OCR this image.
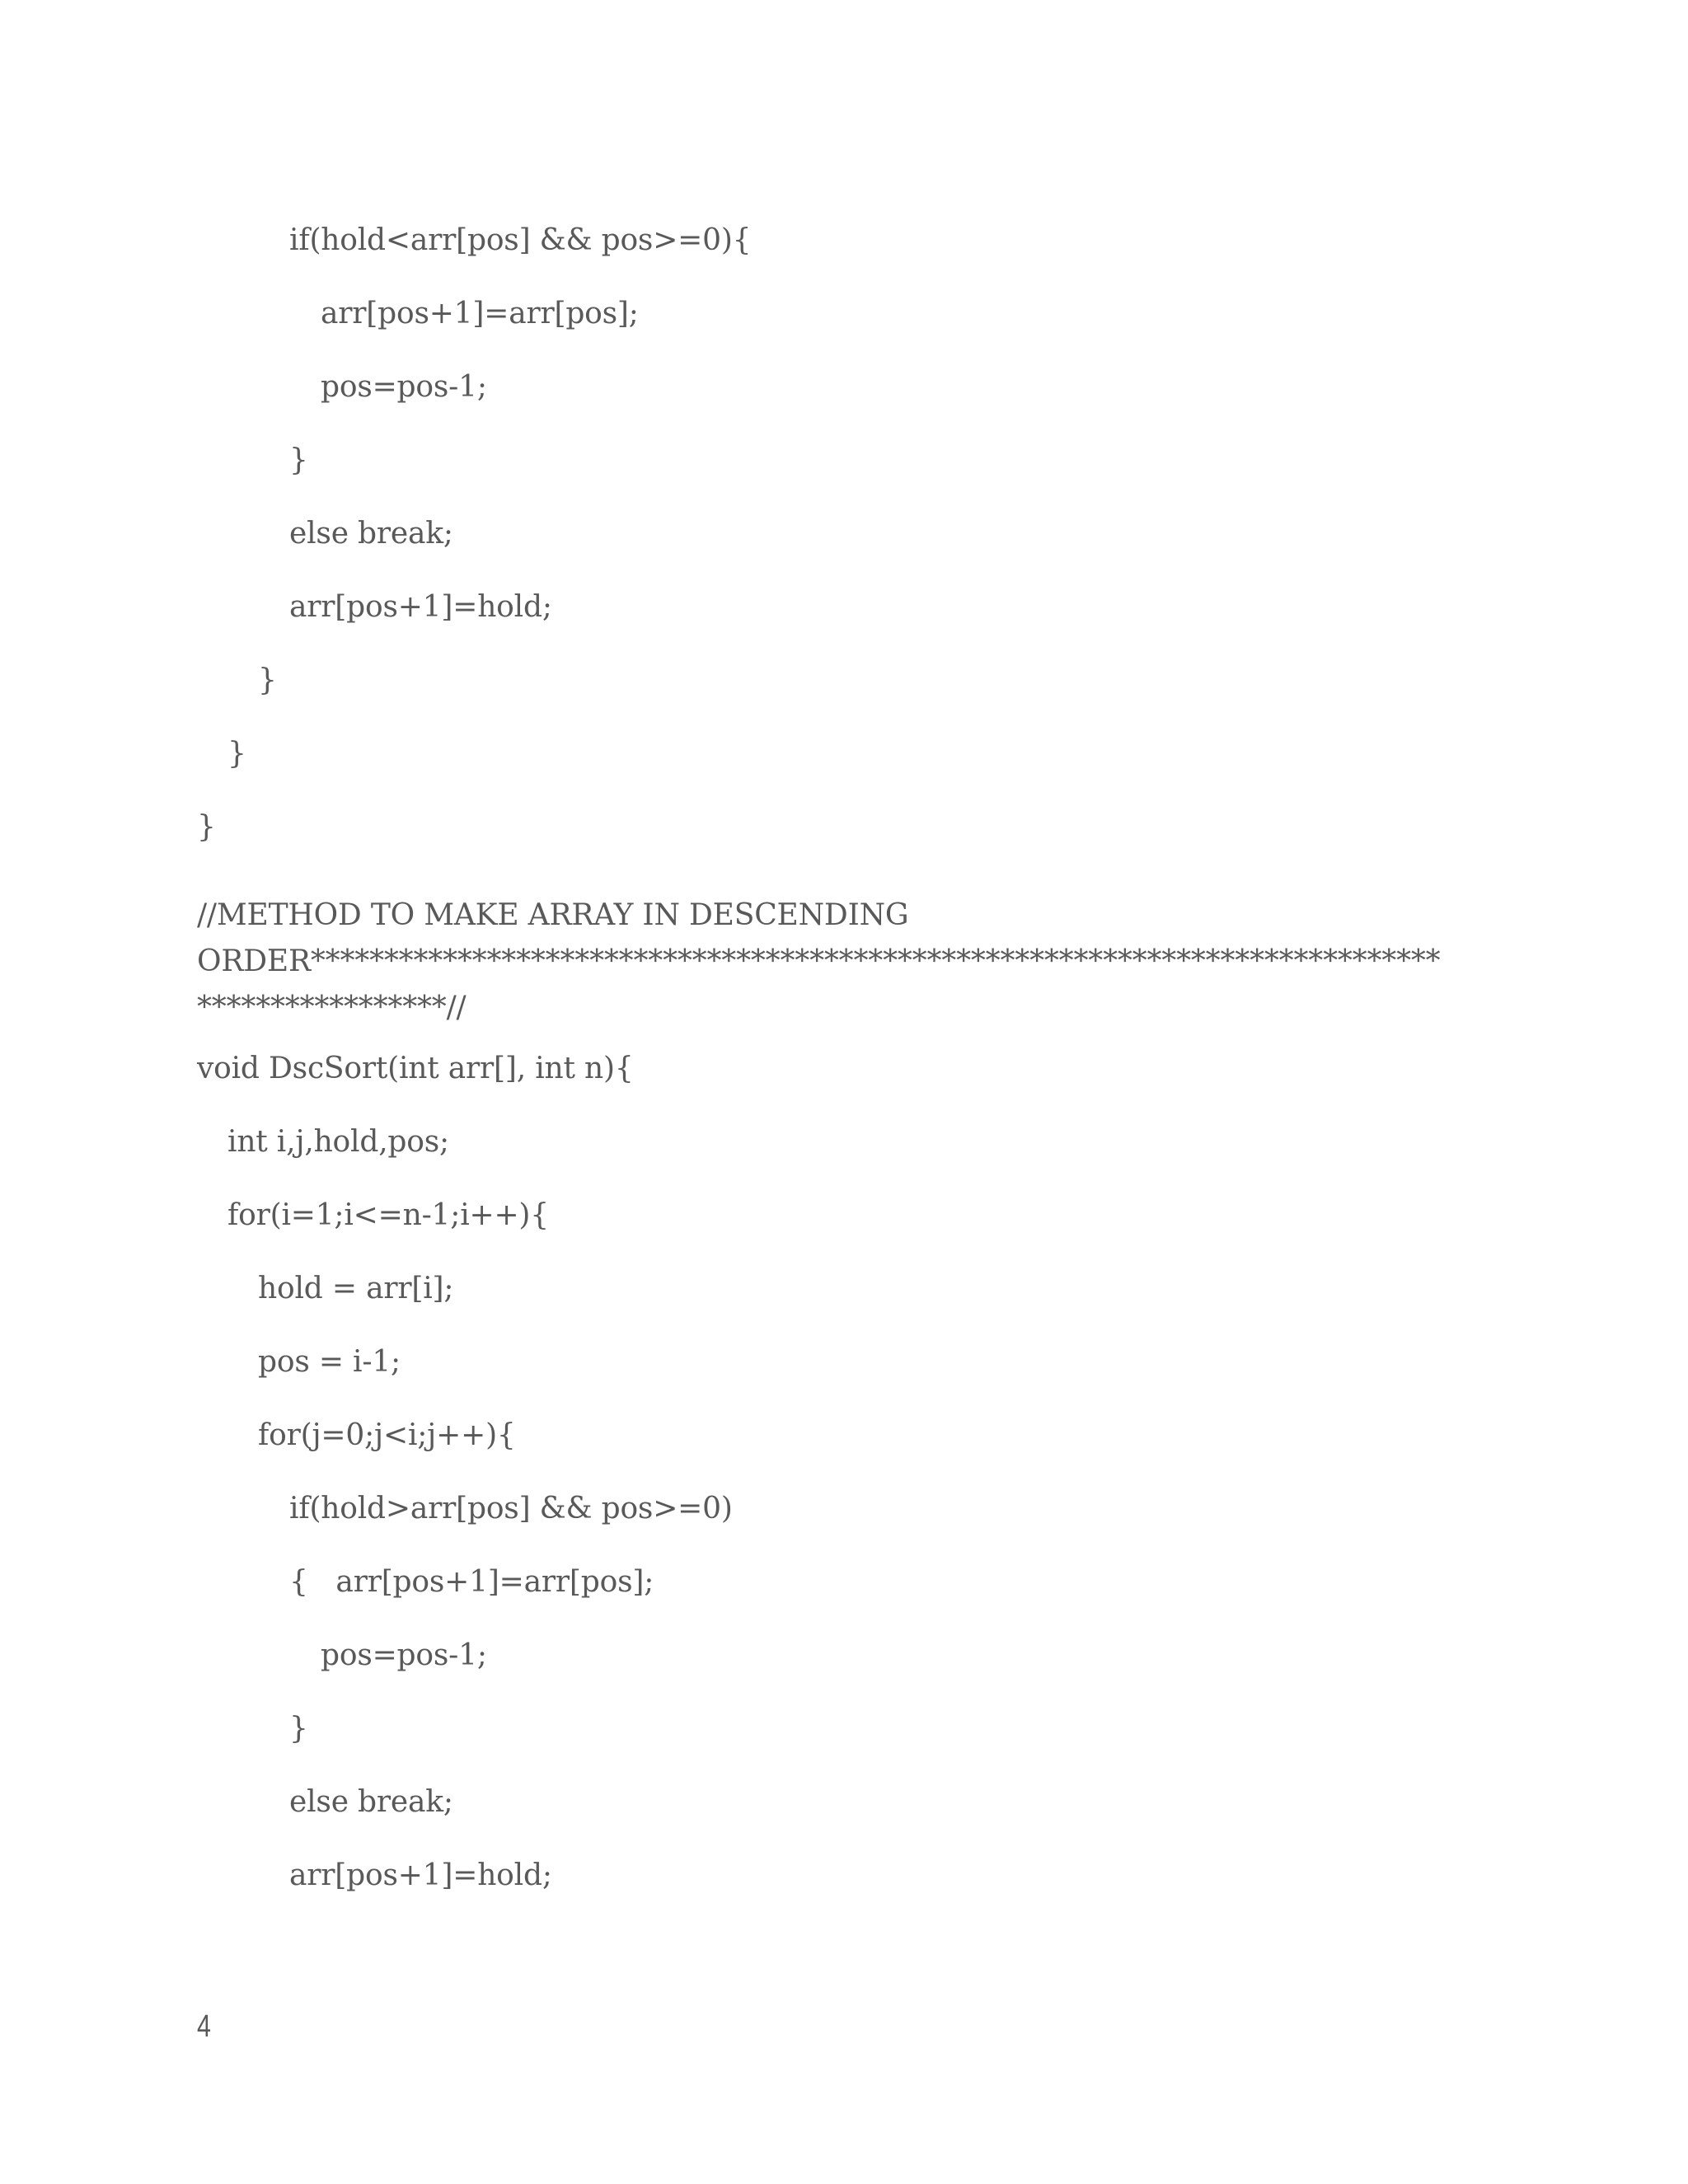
if(hold<arr[pos] && pos>=0){
arr[pos+1]=arr[pos];
pos=pos-1;
}
else break;
arr[pos+1]=hold;
}
}
}
//METHOD TO MAKE ARRAY IN DESCENDING
ORDER*****************************************************************************
*****************//
void DscSort(int arr[], int n){
int i,j,hold,pos;
for(i=1;i<=n-1;i++){
hold = arr[i];
pos = i-1;
for(j=0;j<i;j++){
if(hold>arr[pos] && pos>=0)
{   arr[pos+1]=arr[pos];
pos=pos-1;
}
else break;
arr[pos+1]=hold;
4
